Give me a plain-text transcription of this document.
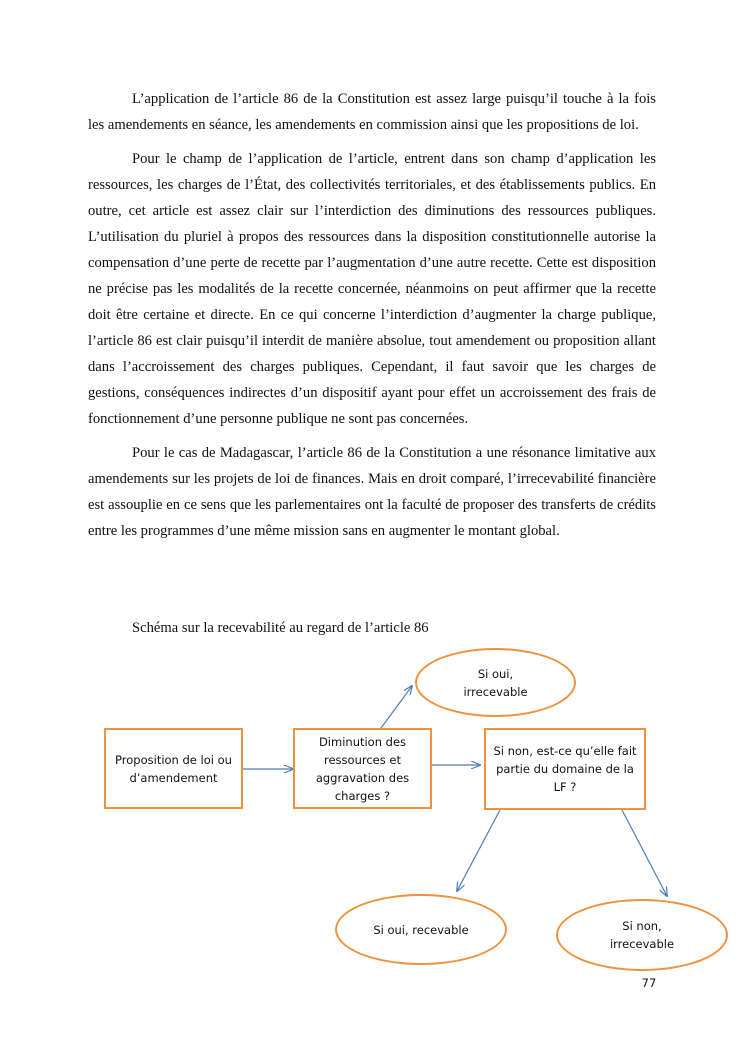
L’application de l’article 86 de la Constitution est assez large puisqu’il touche à la fois les amendements en séance, les amendements en commission ainsi que les propositions de loi.

Pour le champ de l’application de l’article, entrent dans son champ d’application les ressources, les charges de l’État, des collectivités territoriales, et des établissements publics. En outre, cet article est assez clair sur l’interdiction des diminutions des ressources publiques. L’utilisation du pluriel à propos des ressources dans la disposition constitutionnelle autorise la compensation d’une perte de recette par l’augmentation d’une autre recette. Cette est disposition ne précise pas les modalités de la recette concernée, néanmoins on peut affirmer que la recette doit être certaine et directe. En ce qui concerne l’interdiction d’augmenter la charge publique, l’article 86 est clair puisqu’il interdit de manière absolue, tout amendement ou proposition allant dans l’accroissement des charges publiques. Cependant, il faut savoir que les charges de gestions, conséquences indirectes d’un dispositif ayant pour effet un accroissement des frais de fonctionnement d’une personne publique ne sont pas concernées.

Pour le cas de Madagascar, l’article 86 de la Constitution a une résonance limitative aux amendements sur les projets de loi de finances. Mais en droit comparé, l’irrecevabilité financière est assouplie en ce sens que les parlementaires ont la faculté de proposer des transferts de crédits entre les programmes d’une même mission sans en augmenter le montant global.

Schéma sur la recevabilité au regard de l’article 86

Proposition de loi ou
d’amendement
Diminution des
ressources et
aggravation des
charges ?
Si oui,
irrecevable
Si non, est-ce qu’elle fait
partie du domaine de la
LF ?
Si oui, recevable	Si non,
irrecevable
77
